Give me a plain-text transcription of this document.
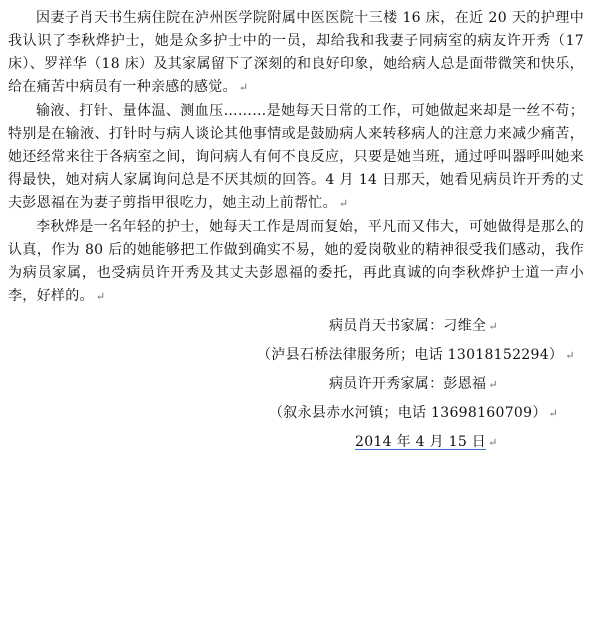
因妻子肖天书生病住院在泸州医学院附属中医医院十三楼 16 床，在近 20 天的护理中我认识了李秋烨护士，她是众多护士中的一员，却给我和我妻子同病室的病友许开秀（17 床）、罗祥华（18 床）及其家属留下了深刻的和良好印象，她给病人总是面带微笑和快乐，给在痛苦中病员有一种亲感的感觉。 ↵

输液、打针、量体温、测血压………是她每天日常的工作，可她做起来却是一丝不苟；特别是在输液、打针时与病人谈论其他事情或是鼓励病人来转移病人的注意力来减少痛苦，她还经常来往于各病室之间，询问病人有何不良反应，只要是她当班，通过呼叫器呼叫她来得最快，她对病人家属询问总是不厌其烦的回答。4 月 14 日那天，她看见病员许开秀的丈夫彭恩福在为妻子剪指甲很吃力，她主动上前帮忙。 ↵

李秋烨是一名年轻的护士，她每天工作是周而复始，平凡而又伟大，可她做得是那么的认真，作为 80 后的她能够把工作做到确实不易，她的爱岗敬业的精神很受我们感动，我作为病员家属，也受病员许开秀及其丈夫彭恩福的委托，再此真诚的向李秋烨护士道一声小李，好样的。 ↵

病员肖天书家属：刁维全 ↵
（泸县石桥法律服务所；电话 13018152294） ↵
病员许开秀家属：彭恩福 ↵
（叙永县赤水河镇；电话 13698160709） ↵
2014 年 4 月 15 日 ↵
